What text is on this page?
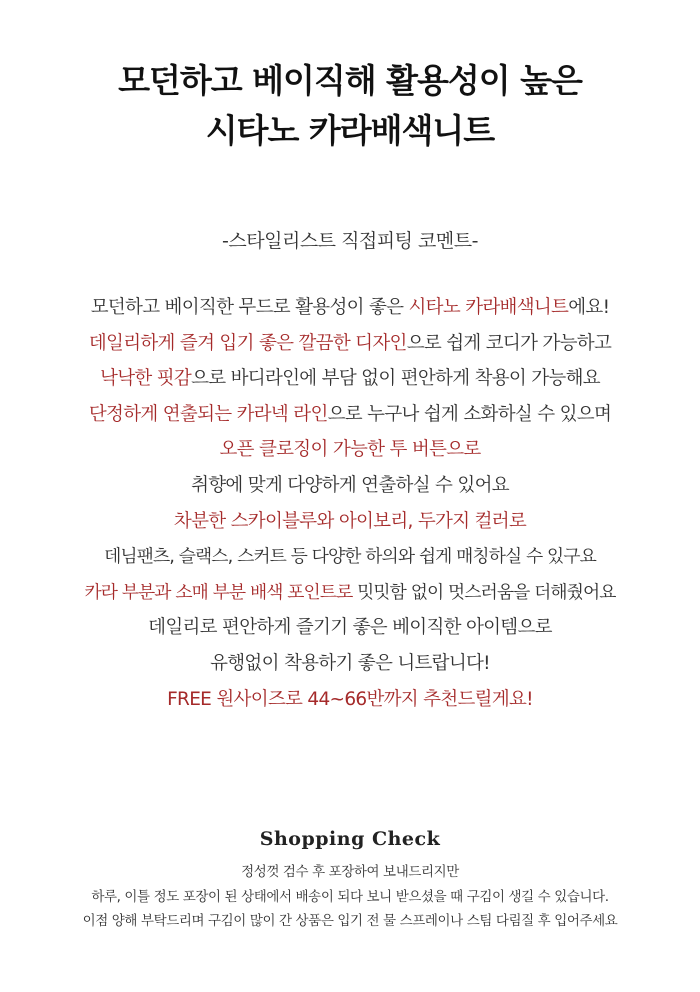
모던하고 베이직해 활용성이 높은
시타노 카라배색니트
-스타일리스트 직접피팅 코멘트-
모던하고 베이직한 무드로 활용성이 좋은 시타노 카라배색니트에요!
데일리하게 즐겨 입기 좋은 깔끔한 디자인으로 쉽게 코디가 가능하고
낙낙한 핏감으로 바디라인에 부담 없이 편안하게 착용이 가능해요
단정하게 연출되는 카라넥 라인으로 누구나 쉽게 소화하실 수 있으며
오픈 클로징이 가능한 투 버튼으로
취향에 맞게 다양하게 연출하실 수 있어요
차분한 스카이블루와 아이보리, 두가지 컬러로
데님팬츠, 슬랙스, 스커트 등 다양한 하의와 쉽게 매칭하실 수 있구요
카라 부분과 소매 부분 배색 포인트로 밋밋함 없이 멋스러움을 더해줬어요
데일리로 편안하게 즐기기 좋은 베이직한 아이템으로
유행없이 착용하기 좋은 니트랍니다!
FREE 원사이즈로 44~66반까지 추천드릴게요!
Shopping Check
정성껏 검수 후 포장하여 보내드리지만
하루, 이틀 정도 포장이 된 상태에서 배송이 되다 보니 받으셨을 때 구김이 생길 수 있습니다.
이점 양해 부탁드리며 구김이 많이 간 상품은 입기 전 물 스프레이나 스팀 다림질 후 입어주세요
